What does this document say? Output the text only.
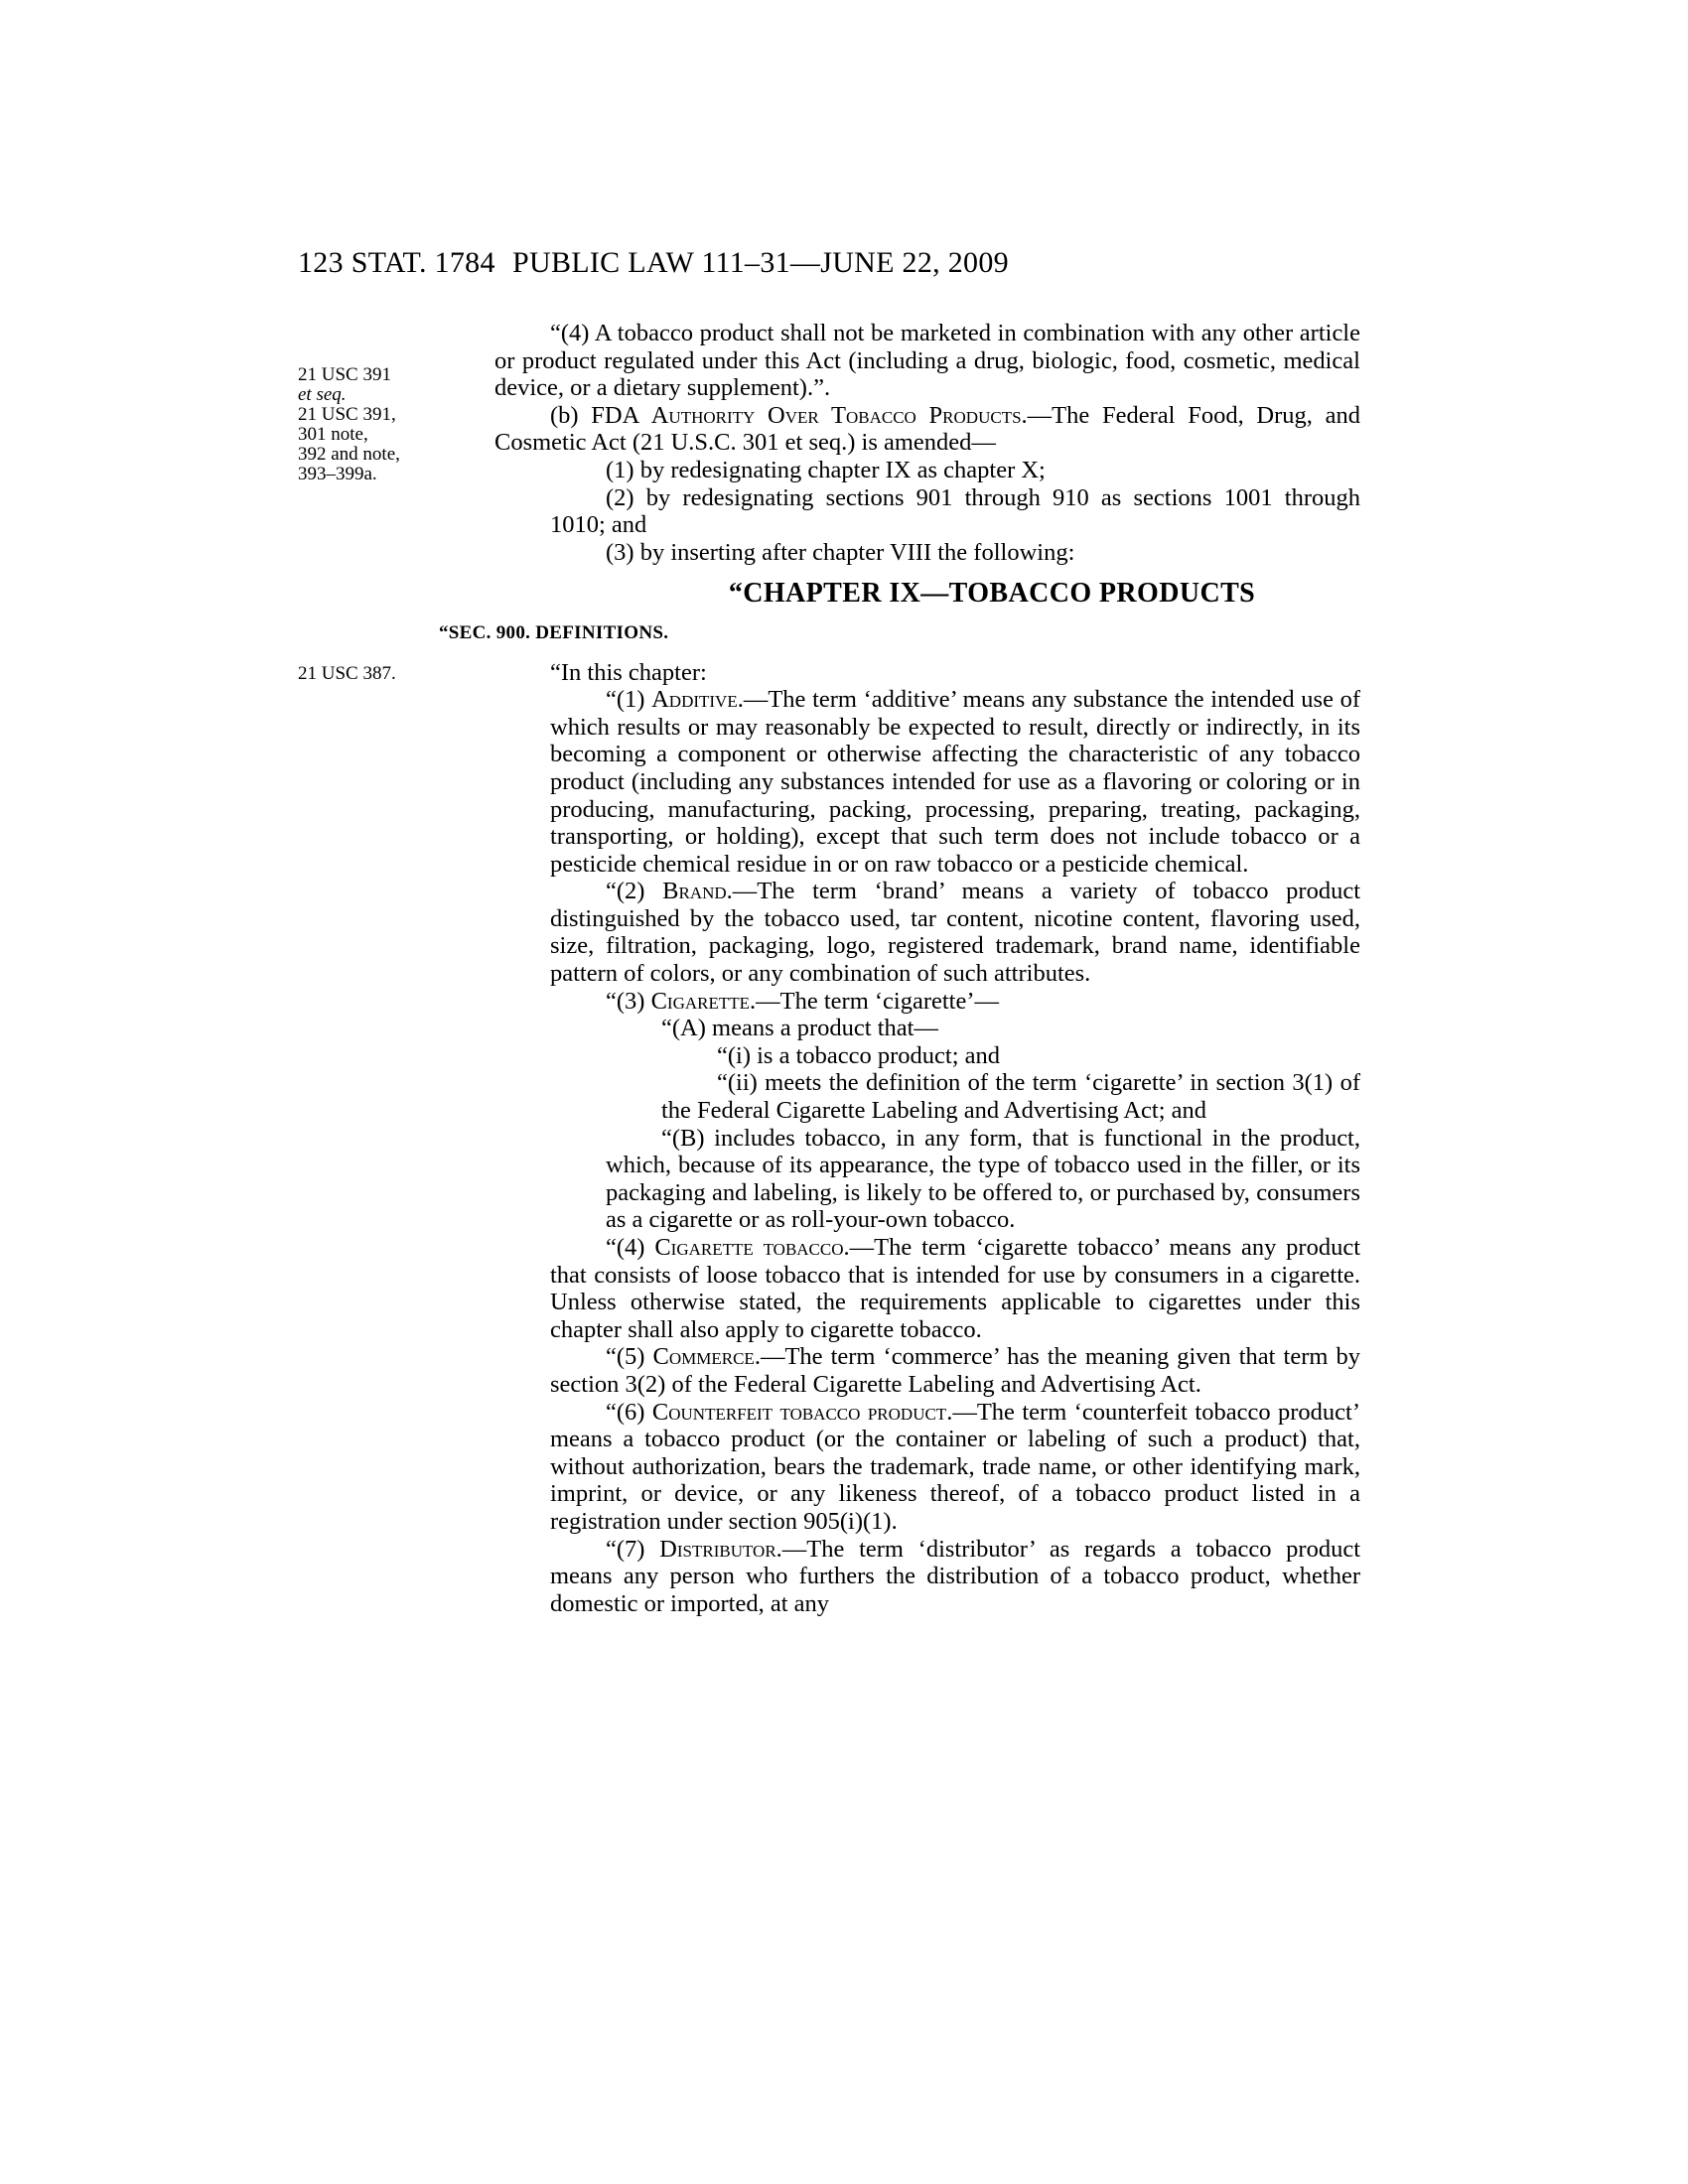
123 STAT. 1784 PUBLIC LAW 111–31—JUNE 22, 2009
21 USC 391
et seq.
21 USC 391,
301 note,
392 and note,
393–399a.
21 USC 387.

“(4) A tobacco product shall not be marketed in combination with any other article or product regulated under this Act (including a drug, biologic, food, cosmetic, medical device, or a dietary supplement).”.

(b) FDA Authority Over Tobacco Products.—The Federal Food, Drug, and Cosmetic Act (21 U.S.C. 301 et seq.) is amended—

(1) by redesignating chapter IX as chapter X;

(2) by redesignating sections 901 through 910 as sections 1001 through 1010; and

(3) by inserting after chapter VIII the following:

“CHAPTER IX—TOBACCO PRODUCTS
“SEC. 900. DEFINITIONS.

“In this chapter:

“(1) Additive.—The term ‘additive’ means any substance the intended use of which results or may reasonably be expected to result, directly or indirectly, in its becoming a component or otherwise affecting the characteristic of any tobacco product (including any substances intended for use as a flavoring or coloring or in producing, manufacturing, packing, processing, preparing, treating, packaging, transporting, or holding), except that such term does not include tobacco or a pesticide chemical residue in or on raw tobacco or a pesticide chemical.

“(2) Brand.—The term ‘brand’ means a variety of tobacco product distinguished by the tobacco used, tar content, nicotine content, flavoring used, size, filtration, packaging, logo, registered trademark, brand name, identifiable pattern of colors, or any combination of such attributes.

“(3) Cigarette.—The term ‘cigarette’—

“(A) means a product that—

“(i) is a tobacco product; and

“(ii) meets the definition of the term ‘cigarette’ in section 3(1) of the Federal Cigarette Labeling and Advertising Act; and

“(B) includes tobacco, in any form, that is functional in the product, which, because of its appearance, the type of tobacco used in the filler, or its packaging and labeling, is likely to be offered to, or purchased by, consumers as a cigarette or as roll-your-own tobacco.

“(4) Cigarette tobacco.—The term ‘cigarette tobacco’ means any product that consists of loose tobacco that is intended for use by consumers in a cigarette. Unless otherwise stated, the requirements applicable to cigarettes under this chapter shall also apply to cigarette tobacco.

“(5) Commerce.—The term ‘commerce’ has the meaning given that term by section 3(2) of the Federal Cigarette Labeling and Advertising Act.

“(6) Counterfeit tobacco product.—The term ‘counterfeit tobacco product’ means a tobacco product (or the container or labeling of such a product) that, without authorization, bears the trademark, trade name, or other identifying mark, imprint, or device, or any likeness thereof, of a tobacco product listed in a registration under section 905(i)(1).

“(7) Distributor.—The term ‘distributor’ as regards a tobacco product means any person who furthers the distribution of a tobacco product, whether domestic or imported, at any
